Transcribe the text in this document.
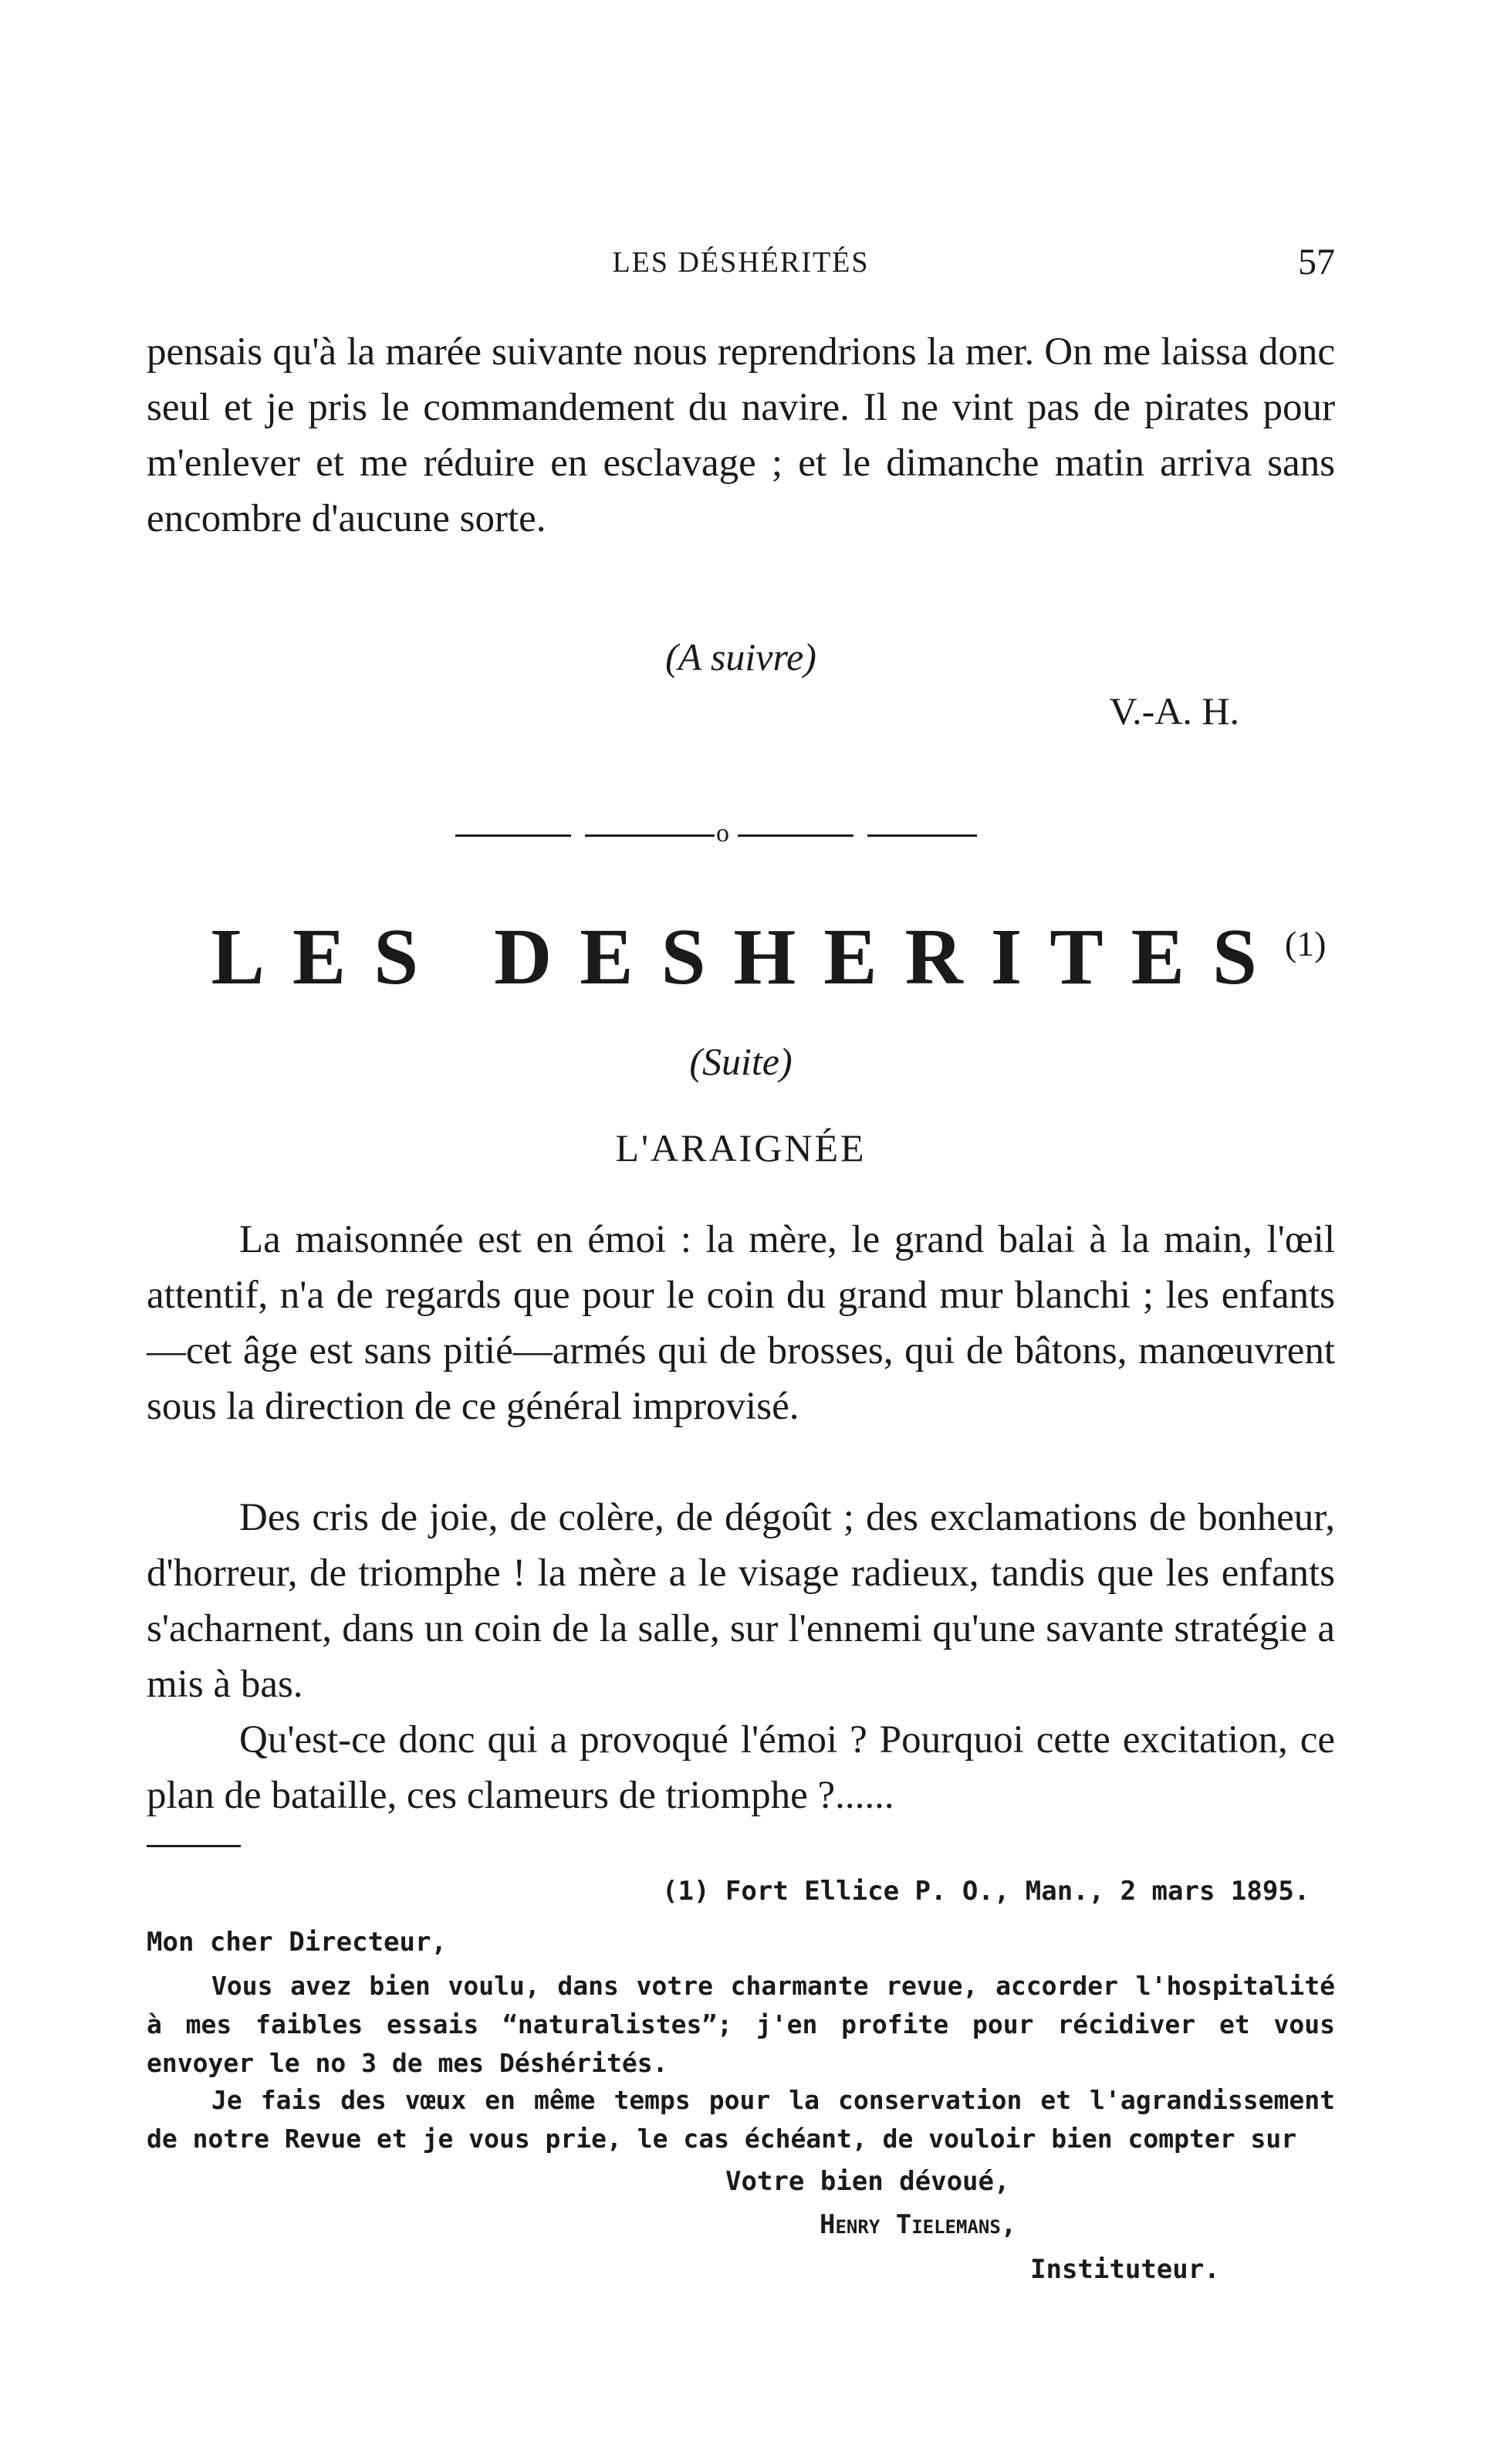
LES DÉSHÉRITÉS	57

pensais qu'à la marée suivante nous reprendrions la mer. On me laissa donc seul et je pris le commandement du navire. Il ne vint pas de pirates pour m'enlever et me réduire en esclavage ; et le dimanche matin arriva sans encombre d'aucune sorte.

(A suivre)

V.-A. H.

o
LES DESHERITES$^{(1)}$

(Suite)

L'ARAIGNÉE

La maisonnée est en émoi : la mère, le grand balai à la main, l'œil attentif, n'a de regards que pour le coin du grand mur blanchi ; les enfants—cet âge est sans pitié—armés qui de brosses, qui de bâtons, manœuvrent sous la direction de ce général improvisé.

Des cris de joie, de colère, de dégoût ; des exclamations de bonheur, d'horreur, de triomphe ! la mère a le visage radieux, tandis que les enfants s'acharnent, dans un coin de la salle, sur l'ennemi qu'une savante stratégie a mis à bas.

Qu'est-ce donc qui a provoqué l'émoi ? Pourquoi cette excitation, ce plan de bataille, ces clameurs de triomphe ?......

(1) Fort Ellice P. O., Man., 2 mars 1895.

Mon cher Directeur,

Vous avez bien voulu, dans votre charmante revue, accorder l'hospitalité à mes faibles essais “naturalistes”; j'en profite pour récidiver et vous envoyer le no 3 de mes Déshérités.

Je fais des vœux en même temps pour la conservation et l'agrandissement de notre Revue et je vous prie, le cas échéant, de vouloir bien compter sur

Votre bien dévoué,

Henry Tielemans,

Instituteur.
